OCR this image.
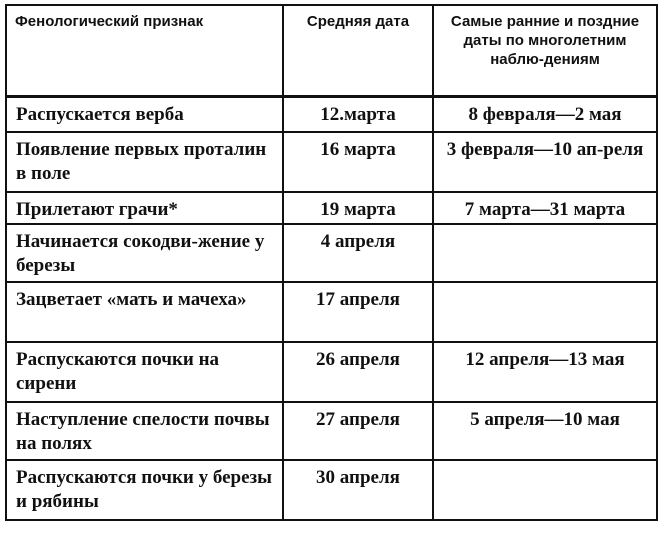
Фенологический признак	Средняя дата	Самые ранние и поздние даты по многолетним наблю-дениям
Распускается верба	12.марта	8 февраля—2 мая
Появление первых проталин в поле	16 марта	3 февраля—10 ап-реля
Прилетают грачи*	19 марта	7 марта—31 марта
Начинается сокодви-жение у березы	4 апреля	
Зацветает «мать и мачеха»	17 апреля	
Распускаются почки на сирени	26 апреля	12 апреля—13 мая
Наступление спелости почвы на полях	27 апреля	5 апреля—10 мая
Распускаются почки у березы и рябины	30 апреля	
